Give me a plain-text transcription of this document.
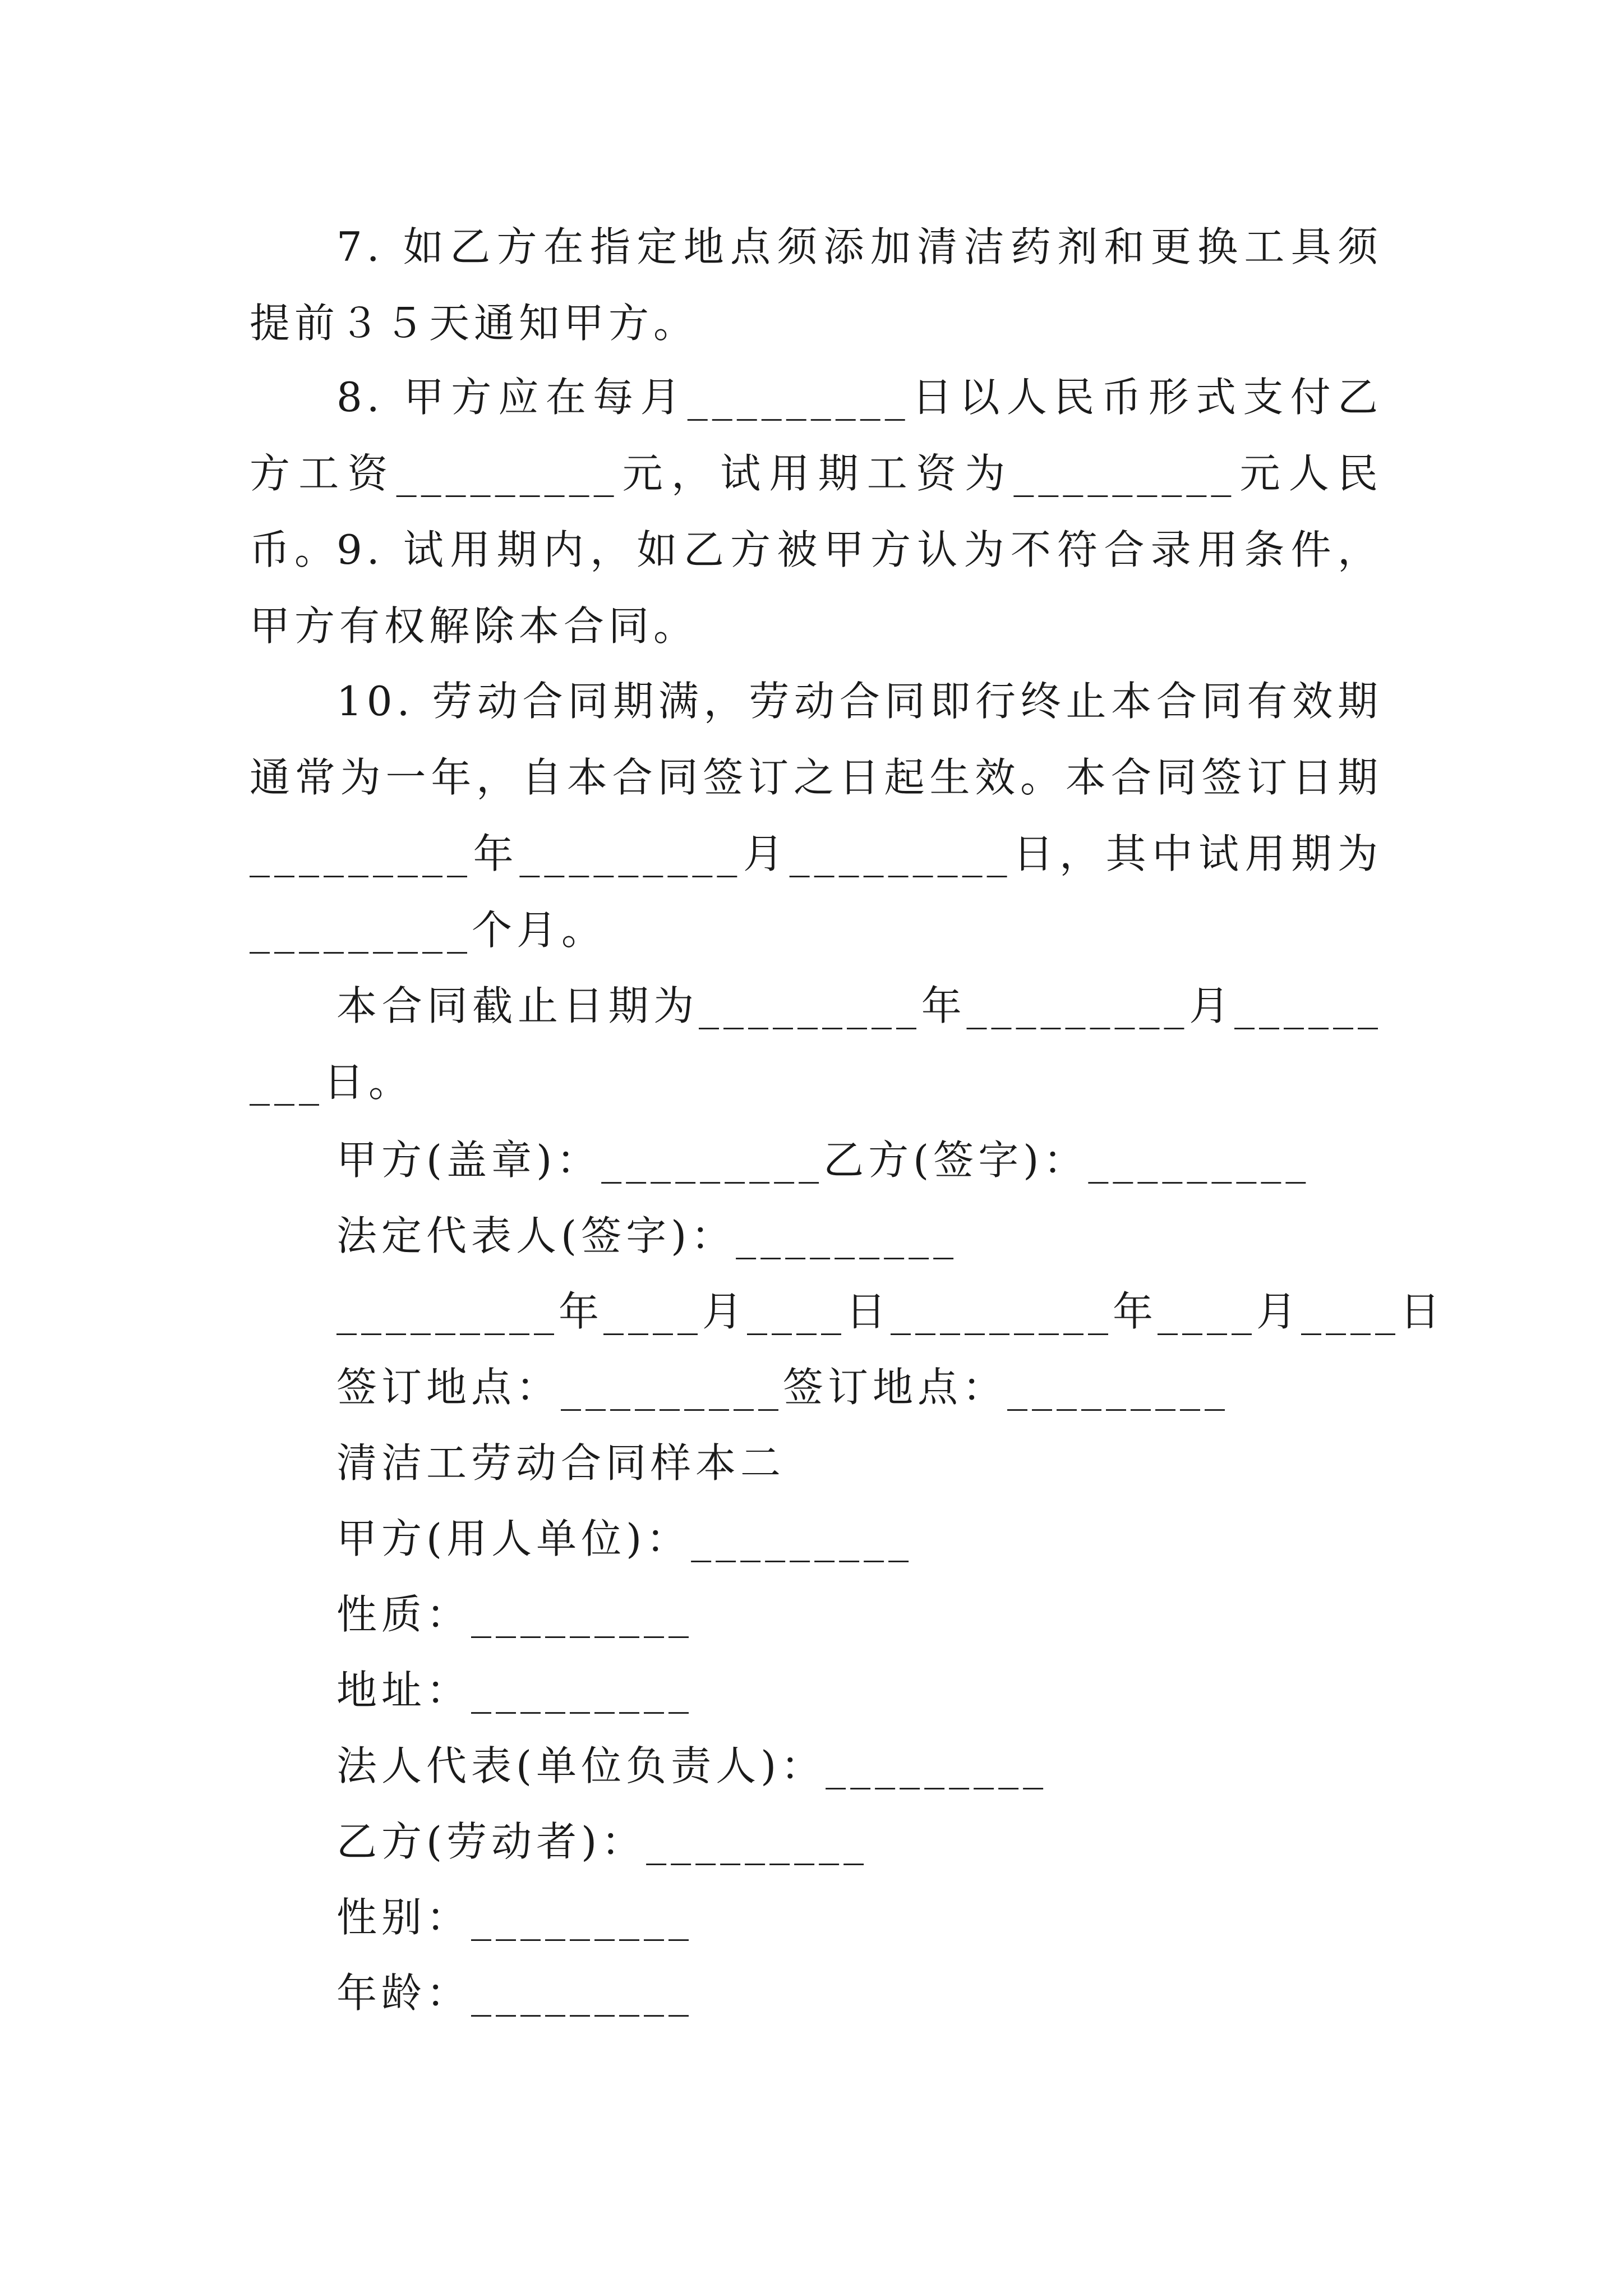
7. 如乙方在指定地点须添加清洁药剂和更换工具须提前３５天通知甲方。

8. 甲方应在每月_________日以人民币形式支付乙方工资_________元，试用期工资为_________元人民币。

9. 试用期内，如乙方被甲方认为不符合录用条件，甲方有权解除本合同。

10. 劳动合同期满，劳动合同即行终止本合同有效期通常为一年，自本合同签订之日起生效。本合同签订日期_________年_________月_________日，其中试用期为_________个月。

本合同截止日期为_________年_________月_________日。

甲方(盖章)：_________乙方(签字)：_________

法定代表人(签字)：_________

_________年____月____日_________年____月____日

签订地点：_________签订地点：_________

清洁工劳动合同样本二

甲方(用人单位)：_________

性质：_________

地址：_________

法人代表(单位负责人)：_________

乙方(劳动者)：_________

性别：_________

年龄：_________
